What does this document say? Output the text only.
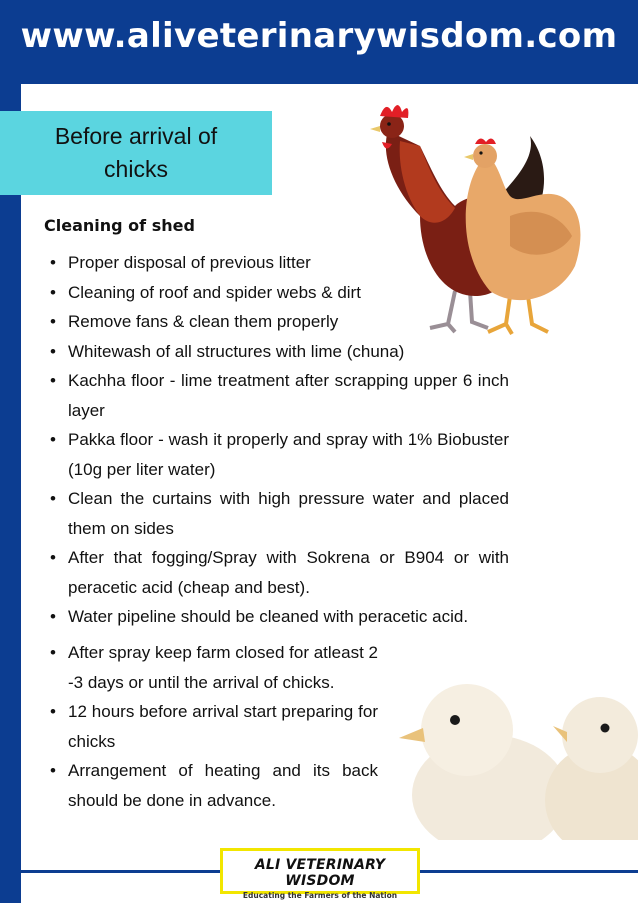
www.aliveterinarywisdom.com
Before arrival of chicks
Cleaning of shed
• Proper disposal of previous litter
• Cleaning of roof and spider webs & dirt
• Remove fans & clean them properly
• Whitewash of all structures with lime (chuna)
• Kachha floor - lime treatment after scrapping upper 6 inch layer
• Pakka floor - wash it properly and spray with 1% Biobuster (10g per liter water)
• Clean the curtains with high pressure water and placed them on sides
• After that fogging/Spray with Sokrena or B904 or with peracetic acid (cheap and best).
• Water pipeline should be cleaned with peracetic acid.
• After spray keep farm closed for atleast 2 -3 days or until the arrival of chicks.
• 12 hours before arrival start preparing for chicks
• Arrangement of heating and its back should be done in advance.
ALI VETERINARY WISDOM
Educating the Farmers of the Nation
